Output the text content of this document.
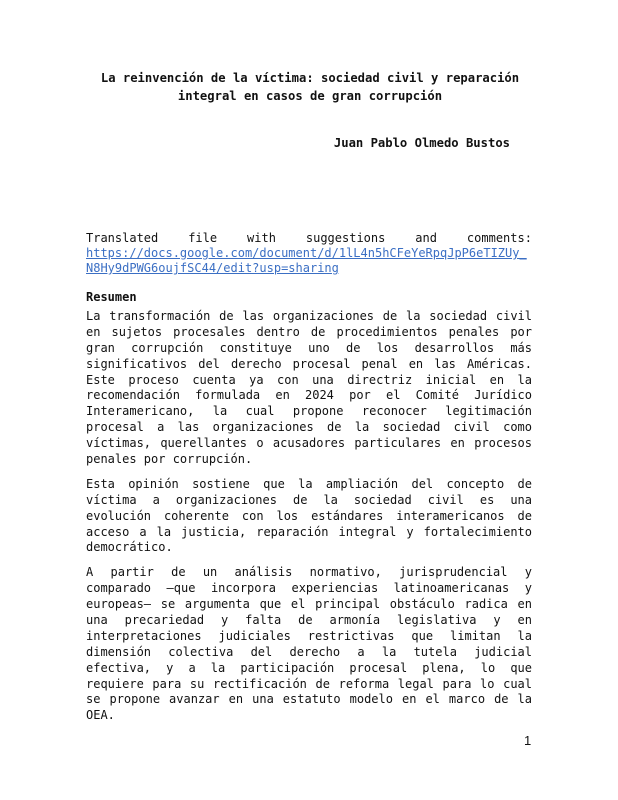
La reinvención de la víctima: sociedad civil y reparación
integral en casos de gran corrupción
Juan Pablo Olmedo Bustos
Translated file with suggestions and comments:
https://docs.google.com/document/d/1lL4n5hCFeYeRpqJpP6eTIZUy_
N8Hy9dPWG6oujfSC44/edit?usp=sharing
Resumen
La transformación de las organizaciones de la sociedad civil
en sujetos procesales dentro de procedimientos penales por
gran corrupción constituye uno de los desarrollos más
significativos del derecho procesal penal en las Américas.
Este proceso cuenta ya con una directriz inicial en la
recomendación formulada en 2024 por el Comité Jurídico
Interamericano, la cual propone reconocer legitimación
procesal a las organizaciones de la sociedad civil como
víctimas, querellantes o acusadores particulares en procesos
penales por corrupción.
Esta opinión sostiene que la ampliación del concepto de
víctima a organizaciones de la sociedad civil es una
evolución coherente con los estándares interamericanos de
acceso a la justicia, reparación integral y fortalecimiento
democrático.
A partir de un análisis normativo, jurisprudencial y
comparado —que incorpora experiencias latinoamericanas y
europeas— se argumenta que el principal obstáculo radica en
una precariedad y falta de armonía legislativa y en
interpretaciones judiciales restrictivas que limitan la
dimensión colectiva del derecho a la tutela judicial
efectiva, y a la participación procesal plena, lo que
requiere para su rectificación de reforma legal para lo cual
se propone avanzar en una estatuto modelo en el marco de la
OEA.
1
